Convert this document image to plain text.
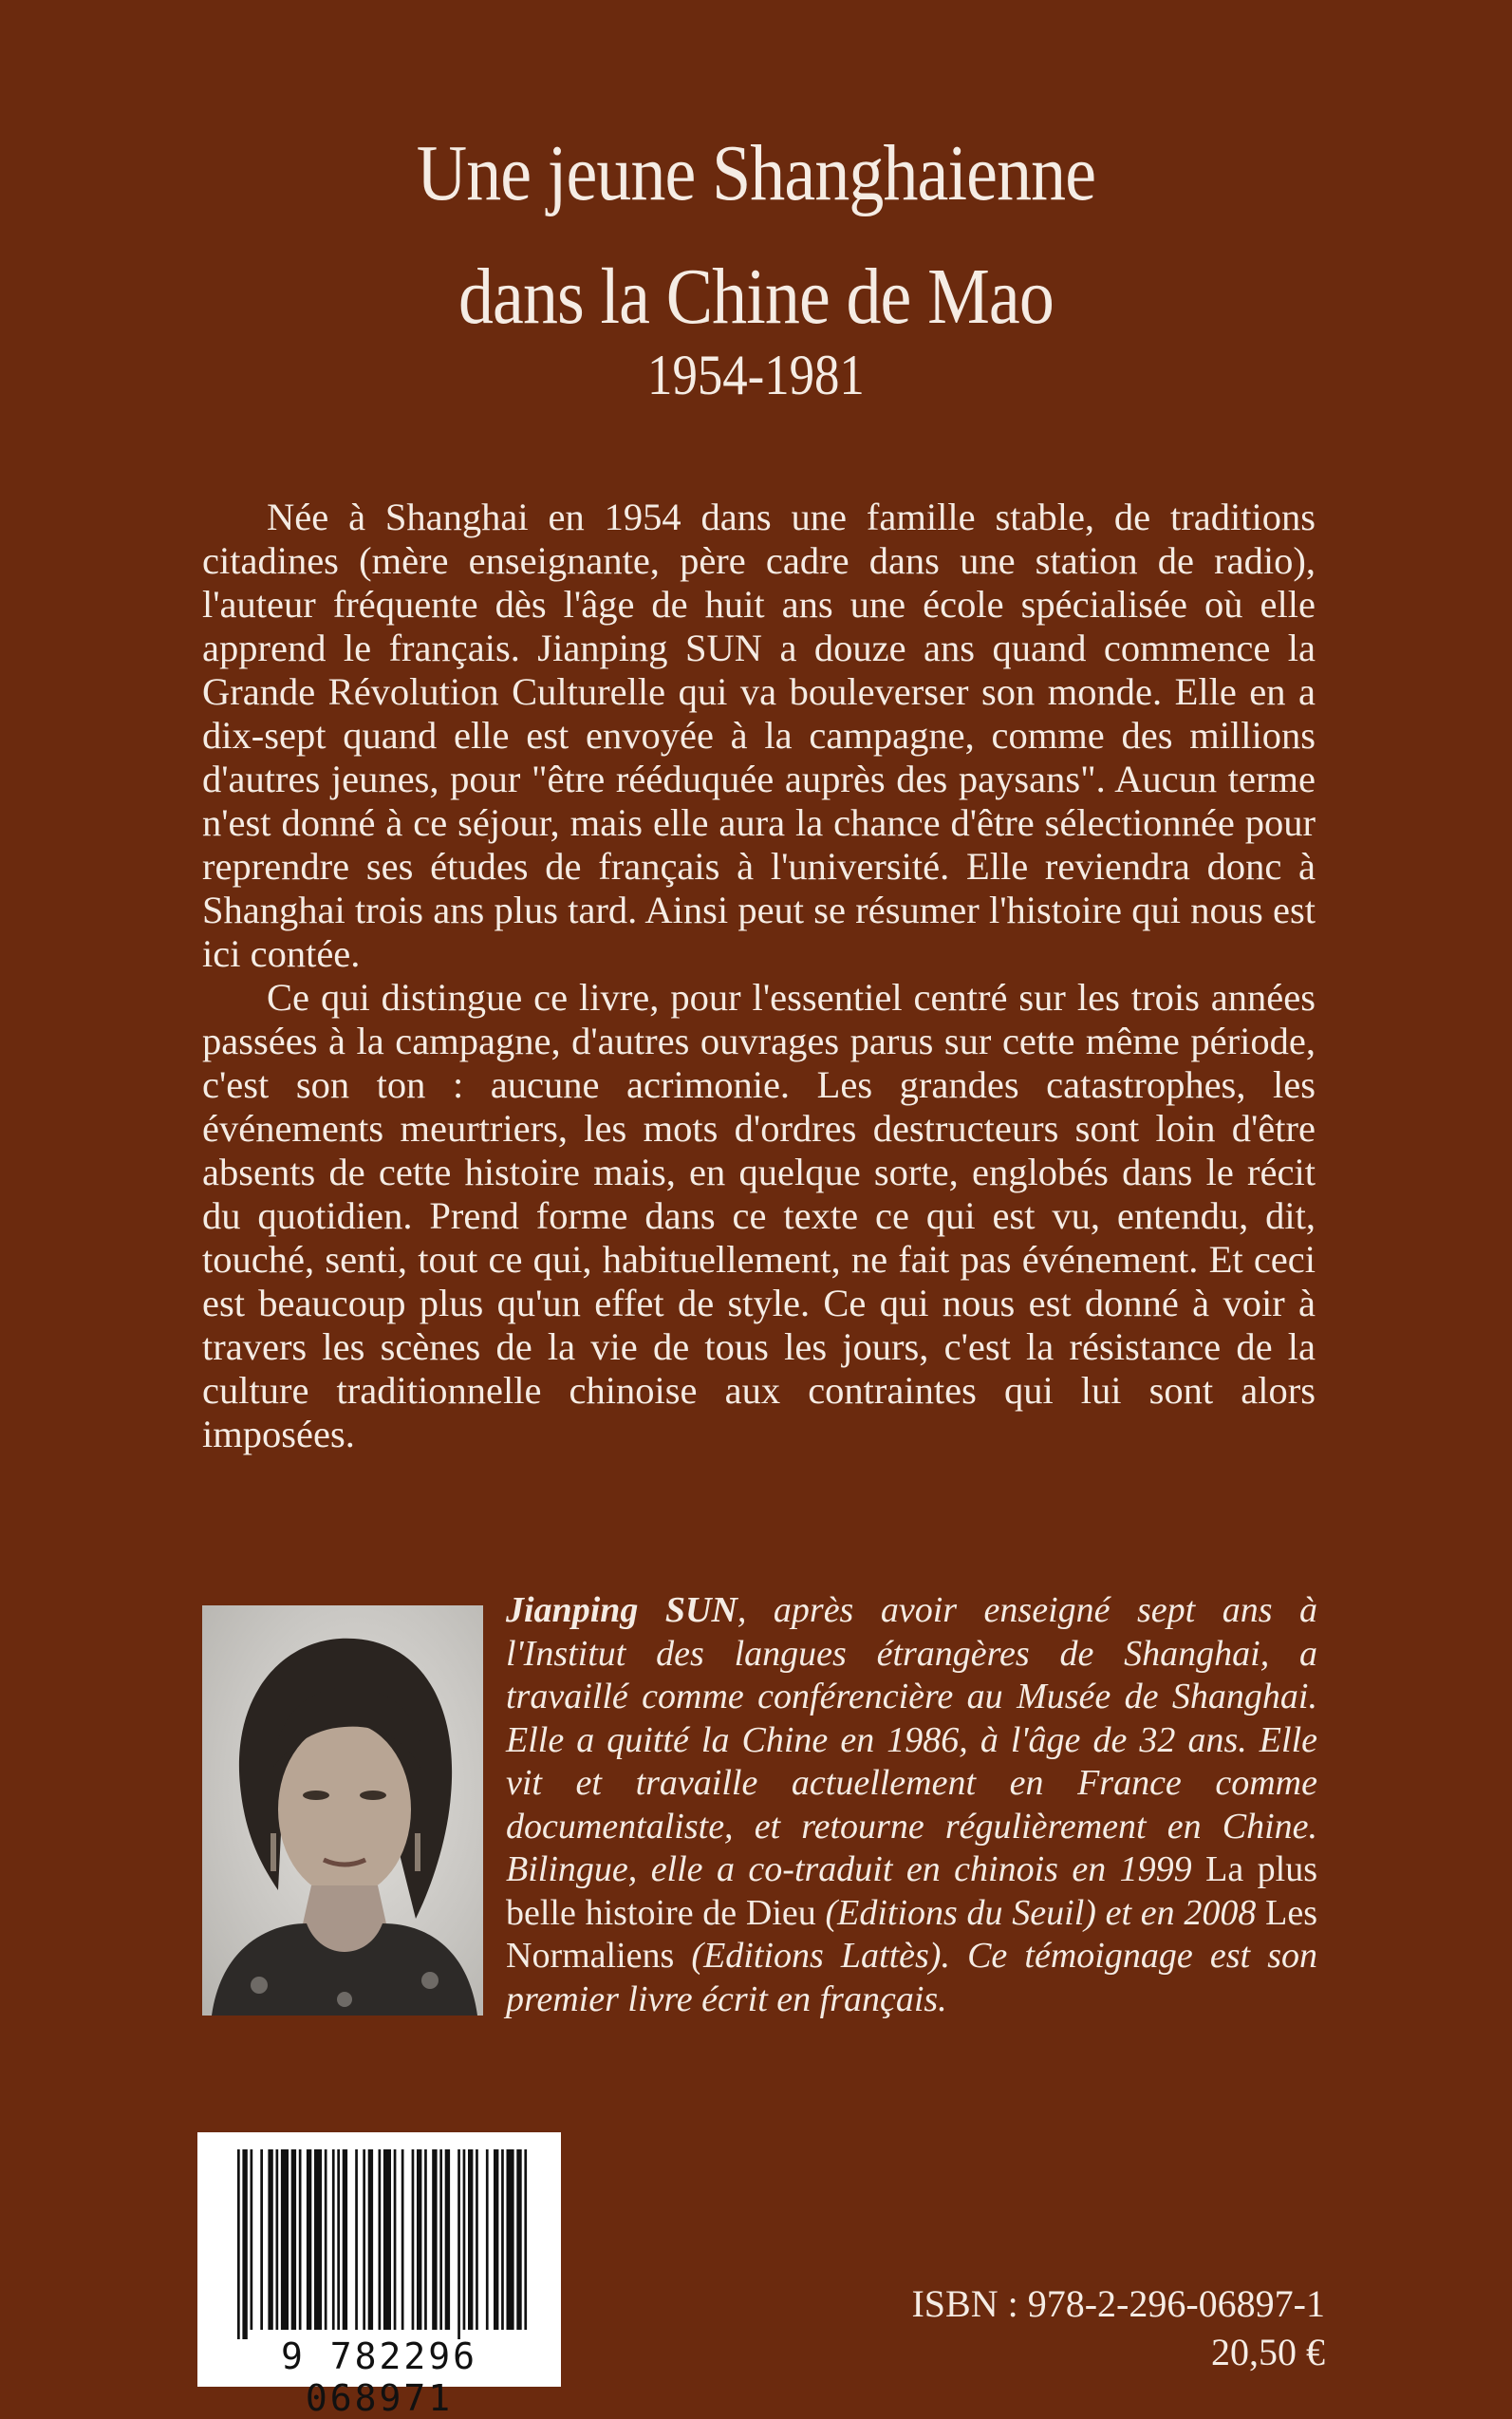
Une jeune Shanghaienne
dans la Chine de Mao
1954-1981

Née à Shanghai en 1954 dans une famille stable, de traditions citadines (mère enseignante, père cadre dans une station de radio), l'auteur fréquente dès l'âge de huit ans une école spécialisée où elle apprend le français. Jianping SUN a douze ans quand commence la Grande Révolution Culturelle qui va bouleverser son monde. Elle en a dix-sept quand elle est envoyée à la campagne, comme des millions d'autres jeunes, pour "être rééduquée auprès des paysans". Aucun terme n'est donné à ce séjour, mais elle aura la chance d'être sélectionnée pour reprendre ses études de français à l'université. Elle reviendra donc à Shanghai trois ans plus tard. Ainsi peut se résumer l'histoire qui nous est ici contée.

Ce qui distingue ce livre, pour l'essentiel centré sur les trois années passées à la campagne, d'autres ouvrages parus sur cette même période, c'est son ton : aucune acrimonie. Les grandes catastrophes, les événements meurtriers, les mots d'ordres destructeurs sont loin d'être absents de cette histoire mais, en quelque sorte, englobés dans le récit du quotidien. Prend forme dans ce texte ce qui est vu, entendu, dit, touché, senti, tout ce qui, habituellement, ne fait pas événement. Et ceci est beaucoup plus qu'un effet de style. Ce qui nous est donné à voir à travers les scènes de la vie de tous les jours, c'est la résistance de la culture traditionnelle chinoise aux contraintes qui lui sont alors imposées.

Jianping SUN, après avoir enseigné sept ans à l'Institut des langues étrangères de Shanghai, a travaillé comme conférencière au Musée de Shanghai. Elle a quitté la Chine en 1986, à l'âge de 32 ans. Elle vit et travaille actuellement en France comme documentaliste, et retourne régulièrement en Chine. Bilingue, elle a co-traduit en chinois en 1999 La plus belle histoire de Dieu (Editions du Seuil) et en 2008 Les Normaliens (Editions Lattès). Ce témoignage est son premier livre écrit en français.
9 782296 068971
ISBN : 978-2-296-06897-1
20,50 €
